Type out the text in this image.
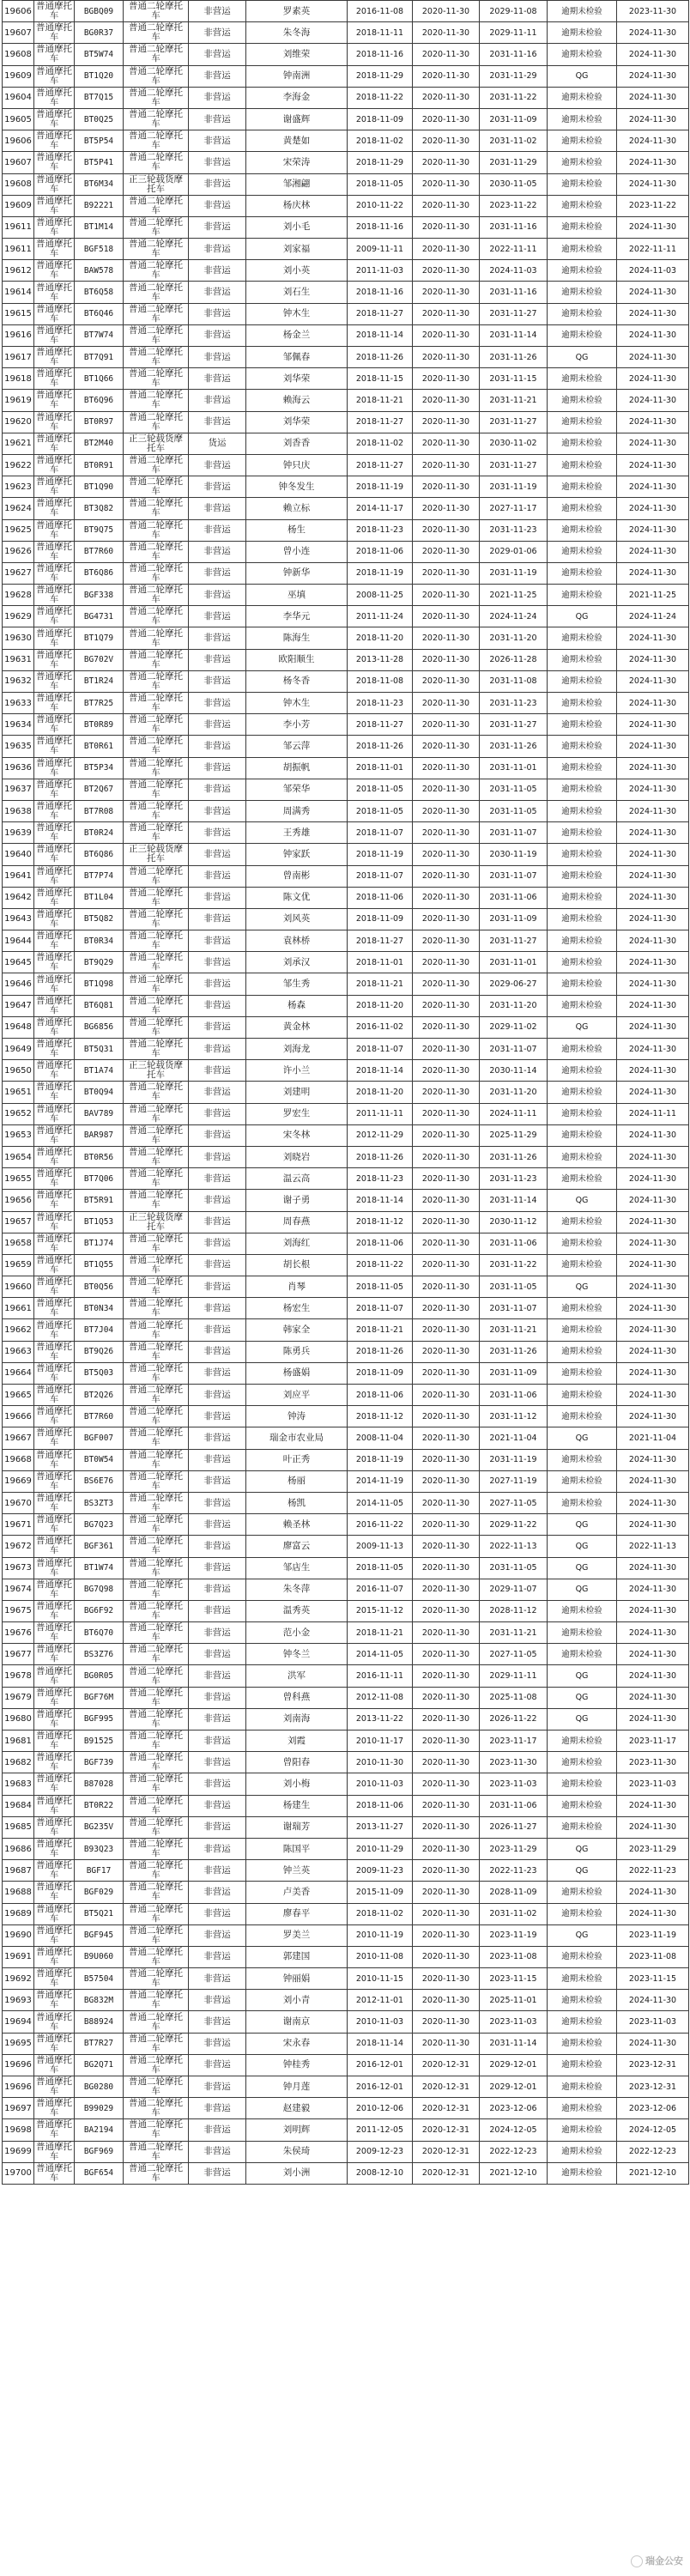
19606	普通摩托车	BGBQ09	普通二轮摩托车	非营运	罗素英	2016-11-08	2020-11-30	2029-11-08	逾期未检验	2023-11-30
19607	普通摩托车	BG0R37	普通二轮摩托车	非营运	朱冬海	2018-11-11	2020-11-30	2029-11-11	逾期未检验	2024-11-30
19608	普通摩托车	BT5W74	普通二轮摩托车	非营运	刘维荣	2018-11-16	2020-11-30	2031-11-16	逾期未检验	2024-11-30
19609	普通摩托车	BT1Q20	普通二轮摩托车	非营运	钟南洲	2018-11-29	2020-11-30	2031-11-29	QG	2024-11-30
19604	普通摩托车	BT7Q15	普通二轮摩托车	非营运	李海金	2018-11-22	2020-11-30	2031-11-22	逾期未检验	2024-11-30
19605	普通摩托车	BT0Q25	普通二轮摩托车	非营运	谢盛辉	2018-11-09	2020-11-30	2031-11-09	逾期未检验	2024-11-30
19606	普通摩托车	BT5P54	普通二轮摩托车	非营运	黄楚如	2018-11-02	2020-11-30	2031-11-02	逾期未检验	2024-11-30
19607	普通摩托车	BT5P41	普通二轮摩托车	非营运	宋荣涛	2018-11-29	2020-11-30	2031-11-29	逾期未检验	2024-11-30
19608	普通摩托车	BT6M34	正三轮载货摩托车	非营运	邹湘翩	2018-11-05	2020-11-30	2030-11-05	逾期未检验	2024-11-30
19609	普通摩托车	B92221	普通二轮摩托车	非营运	杨庆林	2010-11-22	2020-11-30	2023-11-22	逾期未检验	2023-11-22
19611	普通摩托车	BT1M14	普通二轮摩托车	非营运	刘小毛	2018-11-16	2020-11-30	2031-11-16	逾期未检验	2024-11-30
19611	普通摩托车	BGF518	普通二轮摩托车	非营运	刘家福	2009-11-11	2020-11-30	2022-11-11	逾期未检验	2022-11-11
19612	普通摩托车	BAW578	普通二轮摩托车	非营运	刘小英	2011-11-03	2020-11-30	2024-11-03	逾期未检验	2024-11-03
19614	普通摩托车	BT6Q58	普通二轮摩托车	非营运	刘石生	2018-11-16	2020-11-30	2031-11-16	逾期未检验	2024-11-30
19615	普通摩托车	BT6Q46	普通二轮摩托车	非营运	钟木生	2018-11-27	2020-11-30	2031-11-27	逾期未检验	2024-11-30
19616	普通摩托车	BT7W74	普通二轮摩托车	非营运	杨金兰	2018-11-14	2020-11-30	2031-11-14	逾期未检验	2024-11-30
19617	普通摩托车	BT7Q91	普通二轮摩托车	非营运	邹佩春	2018-11-26	2020-11-30	2031-11-26	QG	2024-11-30
19618	普通摩托车	BT1Q66	普通二轮摩托车	非营运	刘华荣	2018-11-15	2020-11-30	2031-11-15	逾期未检验	2024-11-30
19619	普通摩托车	BT6Q96	普通二轮摩托车	非营运	赖海云	2018-11-21	2020-11-30	2031-11-21	逾期未检验	2024-11-30
19620	普通摩托车	BT0R97	普通二轮摩托车	非营运	刘华荣	2018-11-27	2020-11-30	2031-11-27	逾期未检验	2024-11-30
19621	普通摩托车	BT2M40	正三轮载货摩托车	货运	刘香香	2018-11-02	2020-11-30	2030-11-02	逾期未检验	2024-11-30
19622	普通摩托车	BT0R91	普通二轮摩托车	非营运	钟只庆	2018-11-27	2020-11-30	2031-11-27	逾期未检验	2024-11-30
19623	普通摩托车	BT1Q90	普通二轮摩托车	非营运	钟冬发生	2018-11-19	2020-11-30	2031-11-19	逾期未检验	2024-11-30
19624	普通摩托车	BT3Q82	普通二轮摩托车	非营运	赖立标	2014-11-17	2020-11-30	2027-11-17	逾期未检验	2024-11-30
19625	普通摩托车	BT9Q75	普通二轮摩托车	非营运	杨生	2018-11-23	2020-11-30	2031-11-23	逾期未检验	2024-11-30
19626	普通摩托车	BT7R60	普通二轮摩托车	非营运	曾小连	2018-11-06	2020-11-30	2029-01-06	逾期未检验	2024-11-30
19627	普通摩托车	BT6Q86	普通二轮摩托车	非营运	钟新华	2018-11-19	2020-11-30	2031-11-19	逾期未检验	2024-11-30
19628	普通摩托车	BGF338	普通二轮摩托车	非营运	巫填	2008-11-25	2020-11-30	2021-11-25	逾期未检验	2021-11-25
19629	普通摩托车	BG4731	普通二轮摩托车	非营运	李华元	2011-11-24	2020-11-30	2024-11-24	QG	2024-11-24
19630	普通摩托车	BT1Q79	普通二轮摩托车	非营运	陈海生	2018-11-20	2020-11-30	2031-11-20	逾期未检验	2024-11-30
19631	普通摩托车	BG702V	普通二轮摩托车	非营运	欧阳顺生	2013-11-28	2020-11-30	2026-11-28	逾期未检验	2024-11-30
19632	普通摩托车	BT1R24	普通二轮摩托车	非营运	杨冬香	2018-11-08	2020-11-30	2031-11-08	逾期未检验	2024-11-30
19633	普通摩托车	BT7R25	普通二轮摩托车	非营运	钟木生	2018-11-23	2020-11-30	2031-11-23	逾期未检验	2024-11-30
19634	普通摩托车	BT0R89	普通二轮摩托车	非营运	李小芳	2018-11-27	2020-11-30	2031-11-27	逾期未检验	2024-11-30
19635	普通摩托车	BT0R61	普通二轮摩托车	非营运	邹云萍	2018-11-26	2020-11-30	2031-11-26	逾期未检验	2024-11-30
19636	普通摩托车	BT5P34	普通二轮摩托车	非营运	胡振帆	2018-11-01	2020-11-30	2031-11-01	逾期未检验	2024-11-30
19637	普通摩托车	BT2Q67	普通二轮摩托车	非营运	邹荣华	2018-11-05	2020-11-30	2031-11-05	逾期未检验	2024-11-30
19638	普通摩托车	BT7R08	普通二轮摩托车	非营运	周满秀	2018-11-05	2020-11-30	2031-11-05	逾期未检验	2024-11-30
19639	普通摩托车	BT0R24	普通二轮摩托车	非营运	王秀雄	2018-11-07	2020-11-30	2031-11-07	逾期未检验	2024-11-30
19640	普通摩托车	BT6Q86	正三轮载货摩托车	非营运	钟家跃	2018-11-19	2020-11-30	2030-11-19	逾期未检验	2024-11-30
19641	普通摩托车	BT7P74	普通二轮摩托车	非营运	曾南彬	2018-11-07	2020-11-30	2031-11-07	逾期未检验	2024-11-30
19642	普通摩托车	BT1L04	普通二轮摩托车	非营运	陈文优	2018-11-06	2020-11-30	2031-11-06	逾期未检验	2024-11-30
19643	普通摩托车	BT5Q82	普通二轮摩托车	非营运	刘风英	2018-11-09	2020-11-30	2031-11-09	逾期未检验	2024-11-30
19644	普通摩托车	BT0R34	普通二轮摩托车	非营运	袁林桥	2018-11-27	2020-11-30	2031-11-27	逾期未检验	2024-11-30
19645	普通摩托车	BT9Q29	普通二轮摩托车	非营运	刘承汉	2018-11-01	2020-11-30	2031-11-01	逾期未检验	2024-11-30
19646	普通摩托车	BT1Q98	普通二轮摩托车	非营运	邹生秀	2018-11-21	2020-11-30	2029-06-27	逾期未检验	2024-11-30
19647	普通摩托车	BT6Q81	普通二轮摩托车	非营运	杨森	2018-11-20	2020-11-30	2031-11-20	逾期未检验	2024-11-30
19648	普通摩托车	BG6856	普通二轮摩托车	非营运	黄金林	2016-11-02	2020-11-30	2029-11-02	QG	2024-11-30
19649	普通摩托车	BT5Q31	普通二轮摩托车	非营运	刘海龙	2018-11-07	2020-11-30	2031-11-07	逾期未检验	2024-11-30
19650	普通摩托车	BT1A74	正三轮载货摩托车	非营运	许小兰	2018-11-14	2020-11-30	2030-11-14	逾期未检验	2024-11-30
19651	普通摩托车	BT0Q94	普通二轮摩托车	非营运	刘建明	2018-11-20	2020-11-30	2031-11-20	逾期未检验	2024-11-30
19652	普通摩托车	BAV789	普通二轮摩托车	非营运	罗宏生	2011-11-11	2020-11-30	2024-11-11	逾期未检验	2024-11-11
19653	普通摩托车	BAR987	普通二轮摩托车	非营运	宋冬林	2012-11-29	2020-11-30	2025-11-29	逾期未检验	2024-11-30
19654	普通摩托车	BT0R56	普通二轮摩托车	非营运	刘晓岩	2018-11-26	2020-11-30	2031-11-26	逾期未检验	2024-11-30
19655	普通摩托车	BT7Q06	普通二轮摩托车	非营运	温云高	2018-11-23	2020-11-30	2031-11-23	逾期未检验	2024-11-30
19656	普通摩托车	BT5R91	普通二轮摩托车	非营运	谢子勇	2018-11-14	2020-11-30	2031-11-14	QG	2024-11-30
19657	普通摩托车	BT1Q53	正三轮载货摩托车	非营运	周春燕	2018-11-12	2020-11-30	2030-11-12	逾期未检验	2024-11-30
19658	普通摩托车	BT1J74	普通二轮摩托车	非营运	刘海红	2018-11-06	2020-11-30	2031-11-06	逾期未检验	2024-11-30
19659	普通摩托车	BT1Q55	普通二轮摩托车	非营运	胡长根	2018-11-22	2020-11-30	2031-11-22	逾期未检验	2024-11-30
19660	普通摩托车	BT0Q56	普通二轮摩托车	非营运	肖琴	2018-11-05	2020-11-30	2031-11-05	QG	2024-11-30
19661	普通摩托车	BT0N34	普通二轮摩托车	非营运	杨宏生	2018-11-07	2020-11-30	2031-11-07	逾期未检验	2024-11-30
19662	普通摩托车	BT7J04	普通二轮摩托车	非营运	韩家全	2018-11-21	2020-11-30	2031-11-21	逾期未检验	2024-11-30
19663	普通摩托车	BT9Q26	普通二轮摩托车	非营运	陈勇兵	2018-11-26	2020-11-30	2031-11-26	逾期未检验	2024-11-30
19664	普通摩托车	BT5Q03	普通二轮摩托车	非营运	杨盛娟	2018-11-09	2020-11-30	2031-11-09	逾期未检验	2024-11-30
19665	普通摩托车	BT2Q26	普通二轮摩托车	非营运	刘应平	2018-11-06	2020-11-30	2031-11-06	逾期未检验	2024-11-30
19666	普通摩托车	BT7R60	普通二轮摩托车	非营运	钟涛	2018-11-12	2020-11-30	2031-11-12	逾期未检验	2024-11-30
19667	普通摩托车	BGF007	普通二轮摩托车	非营运	瑞金市农业局	2008-11-04	2020-11-30	2021-11-04	QG	2021-11-04
19668	普通摩托车	BT0W54	普通二轮摩托车	非营运	叶正秀	2018-11-19	2020-11-30	2031-11-19	逾期未检验	2024-11-30
19669	普通摩托车	BS6E76	普通二轮摩托车	非营运	杨丽	2014-11-19	2020-11-30	2027-11-19	逾期未检验	2024-11-30
19670	普通摩托车	BS3ZT3	普通二轮摩托车	非营运	杨凯	2014-11-05	2020-11-30	2027-11-05	逾期未检验	2024-11-30
19671	普通摩托车	BG7Q23	普通二轮摩托车	非营运	赖圣林	2016-11-22	2020-11-30	2029-11-22	QG	2024-11-30
19672	普通摩托车	BGF361	普通二轮摩托车	非营运	廖富云	2009-11-13	2020-11-30	2022-11-13	QG	2022-11-13
19673	普通摩托车	BT1W74	普通二轮摩托车	非营运	邹店生	2018-11-05	2020-11-30	2031-11-05	QG	2024-11-30
19674	普通摩托车	BG7Q98	普通二轮摩托车	非营运	朱冬萍	2016-11-07	2020-11-30	2029-11-07	QG	2024-11-30
19675	普通摩托车	BG6F92	普通二轮摩托车	非营运	温秀英	2015-11-12	2020-11-30	2028-11-12	逾期未检验	2024-11-30
19676	普通摩托车	BT6Q70	普通二轮摩托车	非营运	范小金	2018-11-21	2020-11-30	2031-11-21	逾期未检验	2024-11-30
19677	普通摩托车	BS3Z76	普通二轮摩托车	非营运	钟冬兰	2014-11-05	2020-11-30	2027-11-05	逾期未检验	2024-11-30
19678	普通摩托车	BG0R05	普通二轮摩托车	非营运	洪军	2016-11-11	2020-11-30	2029-11-11	QG	2024-11-30
19679	普通摩托车	BGF76M	普通二轮摩托车	非营运	曾科燕	2012-11-08	2020-11-30	2025-11-08	QG	2024-11-30
19680	普通摩托车	BGF995	普通二轮摩托车	非营运	刘南海	2013-11-22	2020-11-30	2026-11-22	QG	2024-11-30
19681	普通摩托车	B91525	普通二轮摩托车	非营运	刘霞	2010-11-17	2020-11-30	2023-11-17	逾期未检验	2023-11-17
19682	普通摩托车	BGF739	普通二轮摩托车	非营运	曾阳春	2010-11-30	2020-11-30	2023-11-30	逾期未检验	2023-11-30
19683	普通摩托车	B87028	普通二轮摩托车	非营运	刘小梅	2010-11-03	2020-11-30	2023-11-03	逾期未检验	2023-11-03
19684	普通摩托车	BT0R22	普通二轮摩托车	非营运	杨建生	2018-11-06	2020-11-30	2031-11-06	逾期未检验	2024-11-30
19685	普通摩托车	BG235V	普通二轮摩托车	非营运	谢瑞芳	2013-11-27	2020-11-30	2026-11-27	逾期未检验	2024-11-30
19686	普通摩托车	B93Q23	普通二轮摩托车	非营运	陈国平	2010-11-29	2020-11-30	2023-11-29	QG	2023-11-29
19687	普通摩托车	BGF17	普通二轮摩托车	非营运	钟兰英	2009-11-23	2020-11-30	2022-11-23	QG	2022-11-23
19688	普通摩托车	BGF029	普通二轮摩托车	非营运	卢美香	2015-11-09	2020-11-30	2028-11-09	逾期未检验	2024-11-30
19689	普通摩托车	BT5Q21	普通二轮摩托车	非营运	廖春平	2018-11-02	2020-11-30	2031-11-02	逾期未检验	2024-11-30
19690	普通摩托车	BGF945	普通二轮摩托车	非营运	罗美兰	2010-11-19	2020-11-30	2023-11-19	QG	2023-11-19
19691	普通摩托车	B9U060	普通二轮摩托车	非营运	郭建国	2010-11-08	2020-11-30	2023-11-08	逾期未检验	2023-11-08
19692	普通摩托车	B57504	普通二轮摩托车	非营运	钟丽娟	2010-11-15	2020-11-30	2023-11-15	逾期未检验	2023-11-15
19693	普通摩托车	BG832M	普通二轮摩托车	非营运	刘小青	2012-11-01	2020-11-30	2025-11-01	逾期未检验	2024-11-30
19694	普通摩托车	B88924	普通二轮摩托车	非营运	谢南京	2010-11-03	2020-11-30	2023-11-03	逾期未检验	2023-11-03
19695	普通摩托车	BT7R27	普通二轮摩托车	非营运	宋永春	2018-11-14	2020-11-30	2031-11-14	逾期未检验	2024-11-30
19696	普通摩托车	BG2Q71	普通二轮摩托车	非营运	钟桂秀	2016-12-01	2020-12-31	2029-12-01	逾期未检验	2023-12-31
19696	普通摩托车	BG0280	普通二轮摩托车	非营运	钟月莲	2016-12-01	2020-12-31	2029-12-01	逾期未检验	2023-12-31
19697	普通摩托车	B99029	普通二轮摩托车	非营运	赵建毅	2010-12-06	2020-12-31	2023-12-06	逾期未检验	2023-12-06
19698	普通摩托车	BA2194	普通二轮摩托车	非营运	刘明辉	2011-12-05	2020-12-31	2024-12-05	逾期未检验	2024-12-05
19699	普通摩托车	BGF969	普通二轮摩托车	非营运	朱侯琦	2009-12-23	2020-12-31	2022-12-23	逾期未检验	2022-12-23
19700	普通摩托车	BGF654	普通二轮摩托车	非营运	刘小洲	2008-12-10	2020-12-31	2021-12-10	逾期未检验	2021-12-10
瑞金公安
